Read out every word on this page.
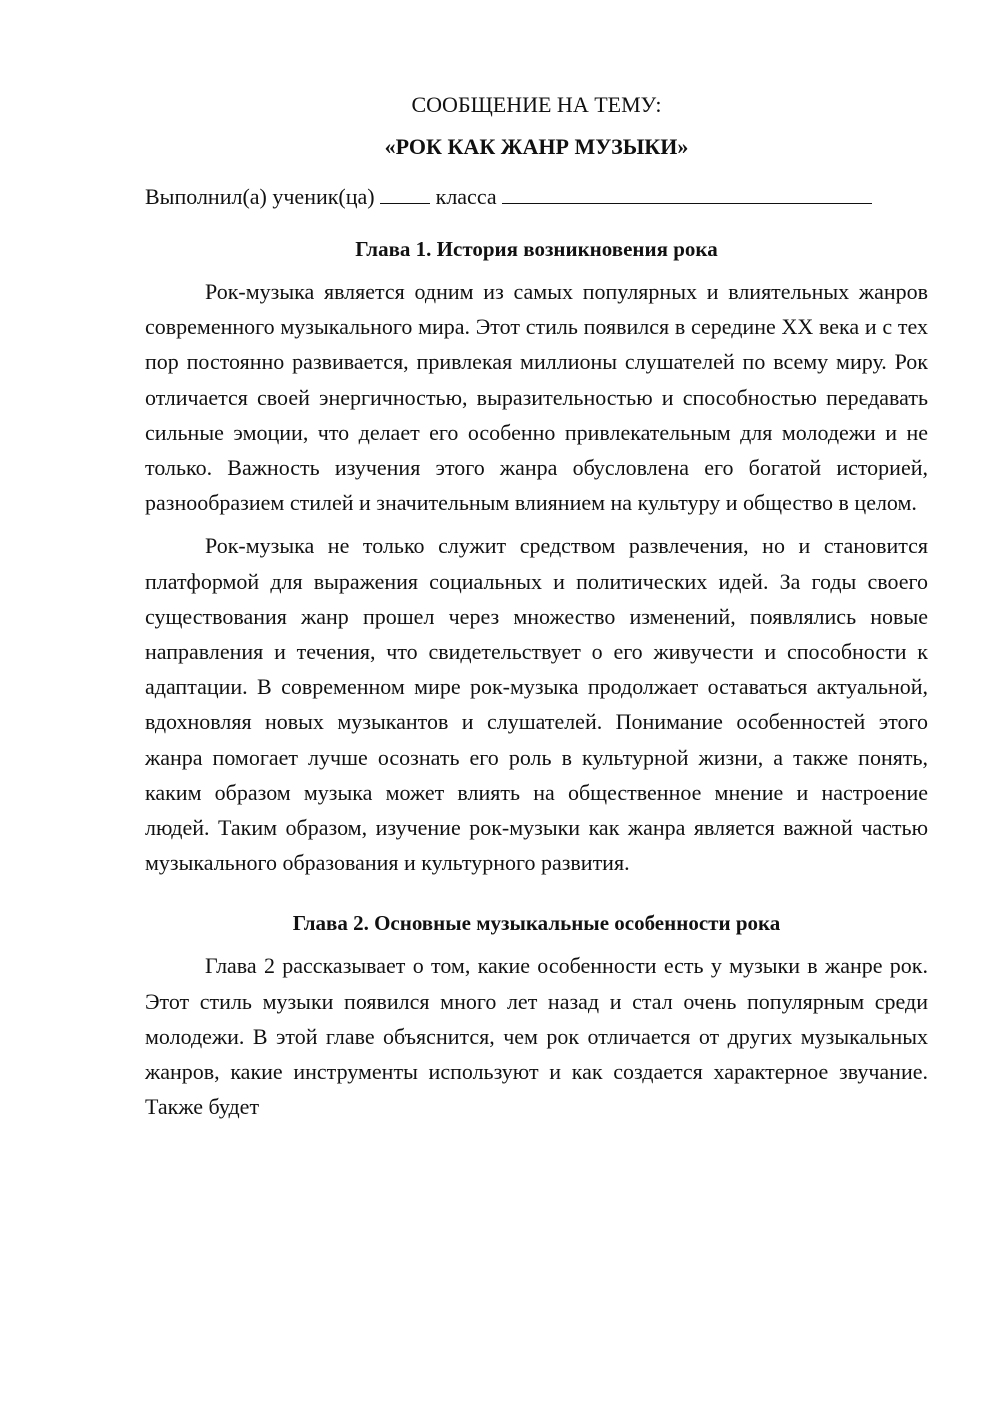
СООБЩЕНИЕ НА ТЕМУ:
«РОК КАК ЖАНР МУЗЫКИ»
Выполнил(а) ученик(ца)	класса
Глава 1. История возникновения рока

Рок-музыка является одним из самых популярных и влиятельных жанров современного музыкального мира. Этот стиль появился в середине XX века и с тех пор постоянно развивается, привлекая миллионы слушателей по всему миру. Рок отличается своей энергичностью, выразительностью и способностью передавать сильные эмоции, что делает его особенно привлекательным для молодежи и не только. Важность изучения этого жанра обусловлена его богатой историей, разнообразием стилей и значительным влиянием на культуру и общество в целом.

Рок-музыка не только служит средством развлечения, но и становится платформой для выражения социальных и политических идей. За годы своего существования жанр прошел через множество изменений, появлялись новые направления и течения, что свидетельствует о его живучести и способности к адаптации. В современном мире рок-музыка продолжает оставаться актуальной, вдохновляя новых музыкантов и слушателей. Понимание особенностей этого жанра помогает лучше осознать его роль в культурной жизни, а также понять, каким образом музыка может влиять на общественное мнение и настроение людей. Таким образом, изучение рок-музыки как жанра является важной частью музыкального образования и культурного развития.

Глава 2. Основные музыкальные особенности рока

Глава 2 рассказывает о том, какие особенности есть у музыки в жанре рок. Этот стиль музыки появился много лет назад и стал очень популярным среди молодежи. В этой главе объяснится, чем рок отличается от других музыкальных жанров, какие инструменты используют и как создается характерное звучание. Также будет
